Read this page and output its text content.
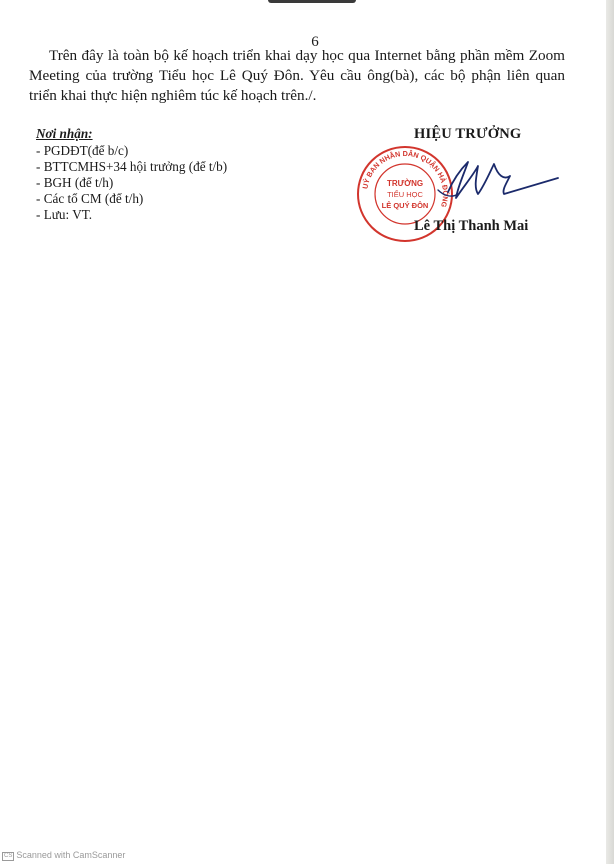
6

Trên đây là toàn bộ kế hoạch triển khai dạy học qua Internet bằng phần mềm Zoom Meeting của trường Tiểu học Lê Quý Đôn. Yêu cầu ông(bà), các bộ phận liên quan triển khai thực hiện nghiêm túc kế hoạch trên./.

Nơi nhận:
- PGDĐT(để b/c)
- BTTCMHS+34 hội trưởng (để t/b)
- BGH (để t/h)
- Các tổ CM (để t/h)
- Lưu: VT.
UỶ BAN NHÂN DÂN QUẬN HÀ ĐÔNG
TRƯỜNG
TIỂU HỌC
LÊ QUÝ ĐÔN
HIỆU TRƯỞNG
Lê Thị Thanh Mai
CS Scanned with CamScanner
